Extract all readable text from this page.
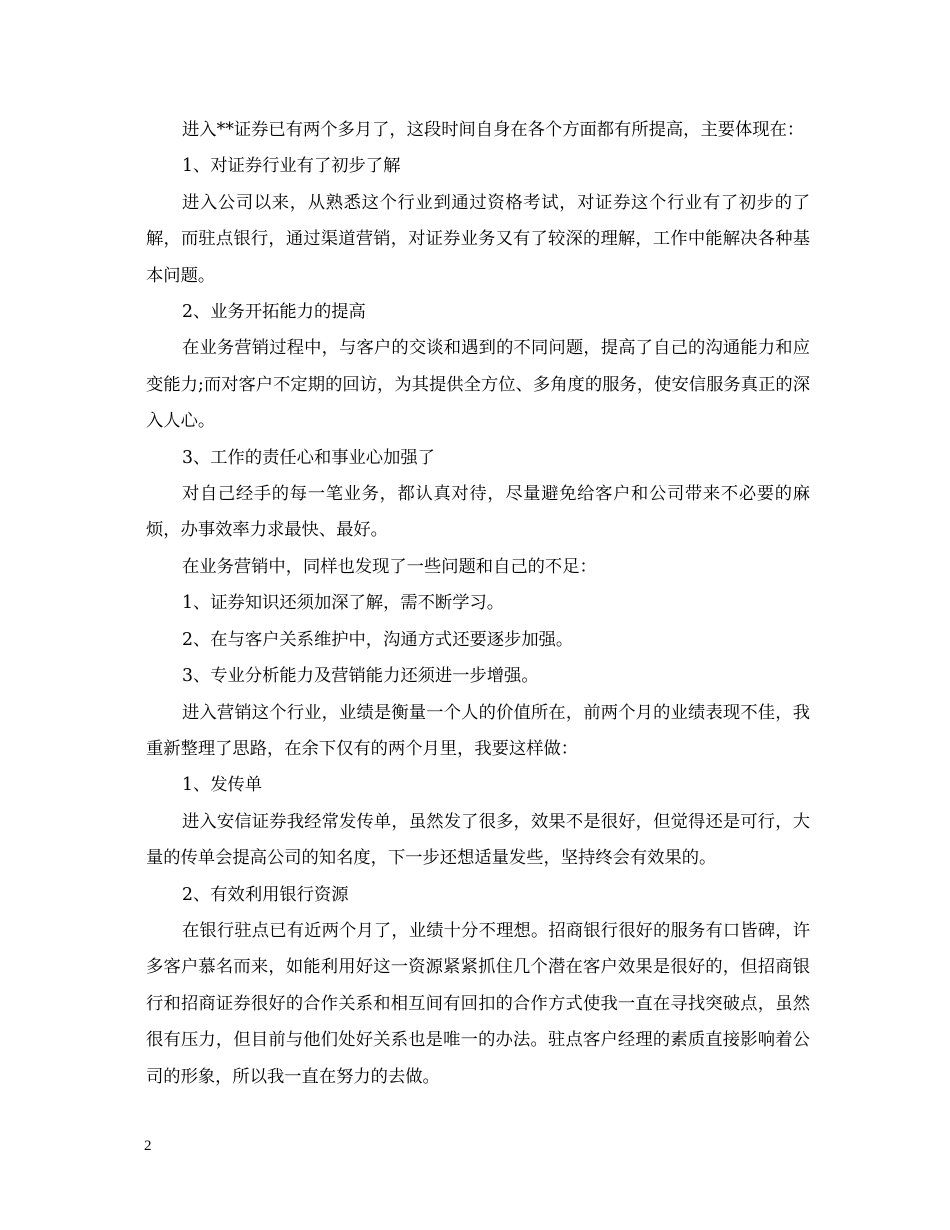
进入**证券已有两个多月了，这段时间自身在各个方面都有所提高，主要体现在：

1、对证券行业有了初步了解

进入公司以来，从熟悉这个行业到通过资格考试，对证券这个行业有了初步的了解，而驻点银行，通过渠道营销，对证券业务又有了较深的理解，工作中能解决各种基本问题。

2、业务开拓能力的提高

在业务营销过程中，与客户的交谈和遇到的不同问题，提高了自己的沟通能力和应变能力;而对客户不定期的回访，为其提供全方位、多角度的服务，使安信服务真正的深入人心。

3、工作的责任心和事业心加强了

对自己经手的每一笔业务，都认真对待，尽量避免给客户和公司带来不必要的麻烦，办事效率力求最快、最好。

在业务营销中，同样也发现了一些问题和自己的不足：

1、证券知识还须加深了解，需不断学习。

2、在与客户关系维护中，沟通方式还要逐步加强。

3、专业分析能力及营销能力还须进一步增强。

进入营销这个行业，业绩是衡量一个人的价值所在，前两个月的业绩表现不佳，我重新整理了思路，在余下仅有的两个月里，我要这样做：

1、发传单

进入安信证券我经常发传单，虽然发了很多，效果不是很好，但觉得还是可行，大量的传单会提高公司的知名度，下一步还想适量发些，坚持终会有效果的。

2、有效利用银行资源

在银行驻点已有近两个月了，业绩十分不理想。招商银行很好的服务有口皆碑，许多客户慕名而来，如能利用好这一资源紧紧抓住几个潜在客户效果是很好的，但招商银行和招商证券很好的合作关系和相互间有回扣的合作方式使我一直在寻找突破点，虽然很有压力，但目前与他们处好关系也是唯一的办法。驻点客户经理的素质直接影响着公司的形象，所以我一直在努力的去做。

2
